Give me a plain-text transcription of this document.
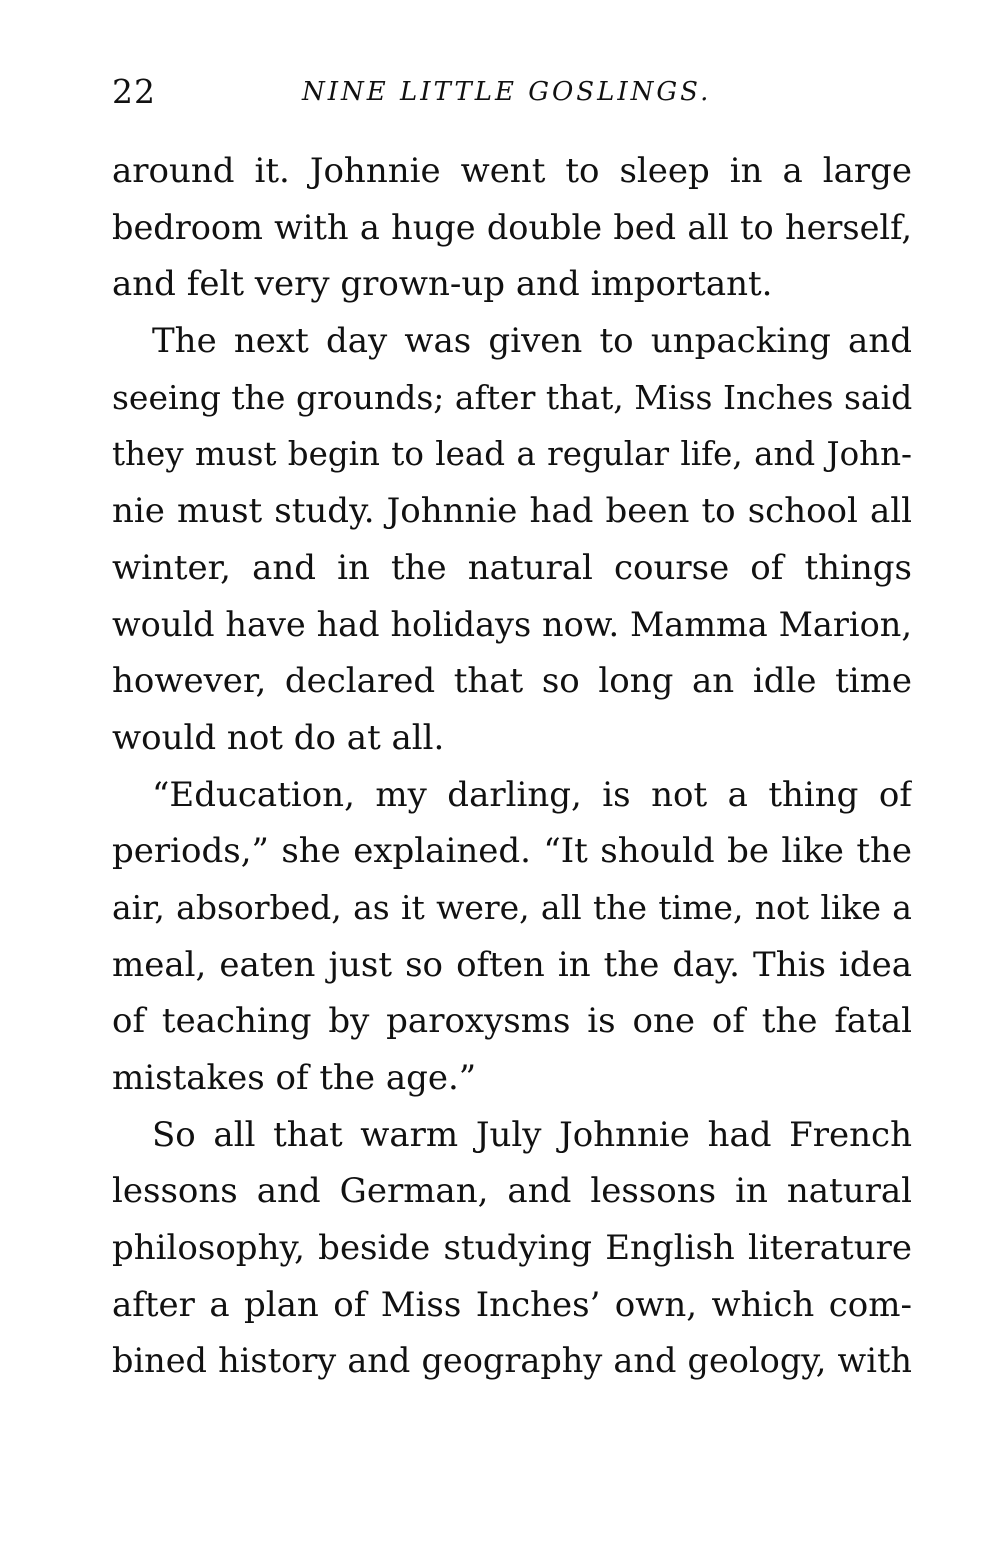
22	NINE LITTLE GOSLINGS.
around it. Johnnie went to sleep in a large
bedroom with a huge double bed all to herself,
and felt very grown-up and important.
The next day was given to unpacking and
seeing the grounds; after that, Miss Inches said
they must begin to lead a regular life, and John-
nie must study. Johnnie had been to school all
winter, and in the natural course of things
would have had holidays now. Mamma Marion,
however, declared that so long an idle time
would not do at all.
“Education, my darling, is not a thing of
periods,” she explained. “It should be like the
air, absorbed, as it were, all the time, not like a
meal, eaten just so often in the day. This idea
of teaching by paroxysms is one of the fatal
mistakes of the age.”
So all that warm July Johnnie had French
lessons and German, and lessons in natural
philosophy, beside studying English literature
after a plan of Miss Inches’ own, which com-
bined history and geography and geology, with
